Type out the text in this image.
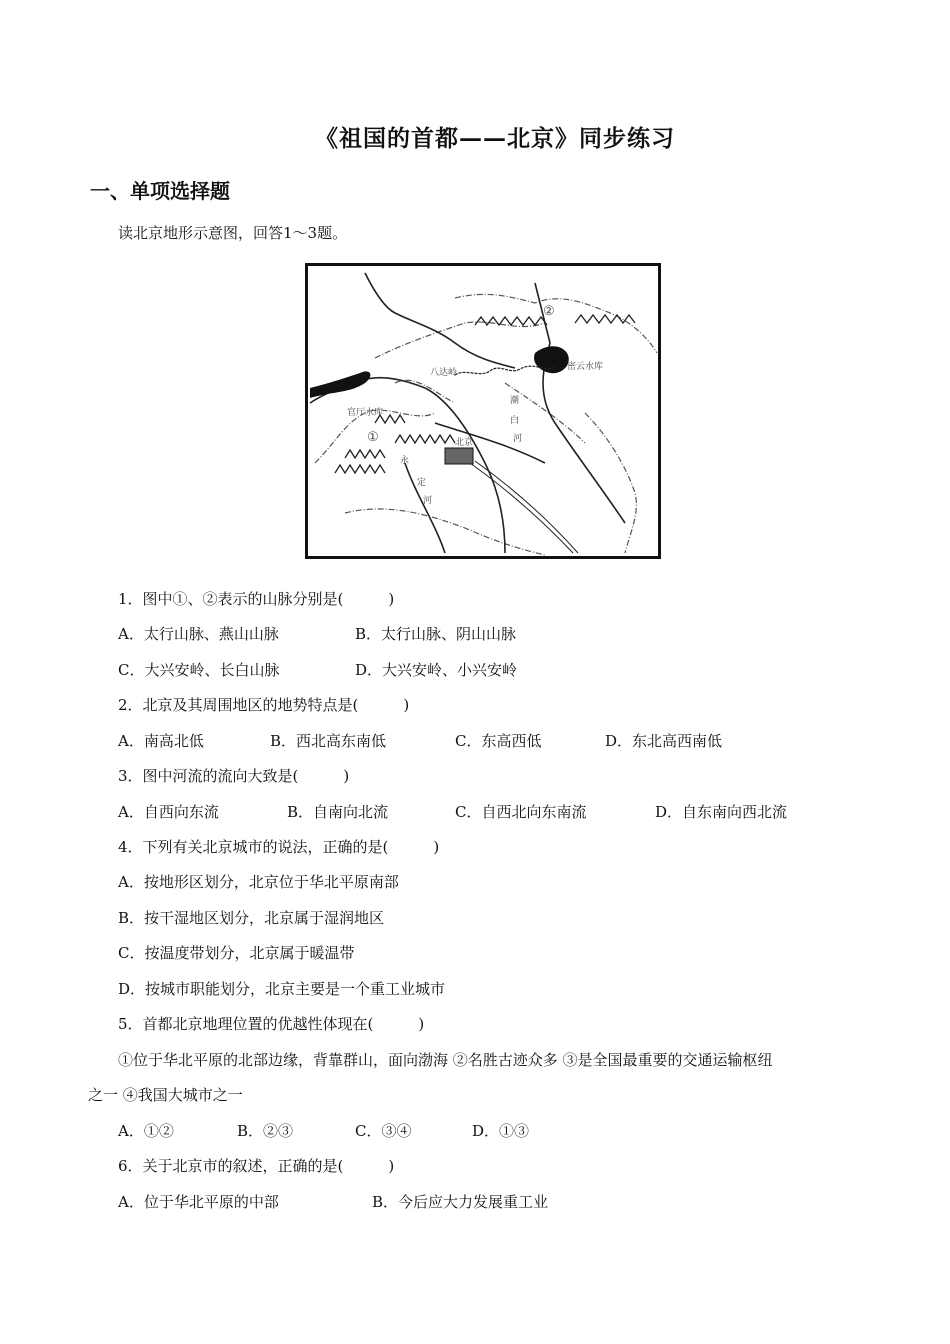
《祖国的首都——北京》同步练习
一、单项选择题
读北京地形示意图，回答1～3题。
八达岭
官厅水库
密云水库
北京
①
②
潮
白
河
永
定
河
1．图中①、②表示的山脉分别是(　　　)
A．太行山脉、燕山山脉	B．太行山脉、阴山山脉
C．大兴安岭、长白山脉	D．大兴安岭、小兴安岭
2．北京及其周围地区的地势特点是(　　　)
A．南高北低	B．西北高东南低	C．东高西低	D．东北高西南低
3．图中河流的流向大致是(　　　)
A．自西向东流	B．自南向北流	C．自西北向东南流	D．自东南向西北流
4．下列有关北京城市的说法，正确的是(　　　)
A．按地形区划分，北京位于华北平原南部
B．按干湿地区划分，北京属于湿润地区
C．按温度带划分，北京属于暖温带
D．按城市职能划分，北京主要是一个重工业城市
5．首都北京地理位置的优越性体现在(　　　)
①位于华北平原的北部边缘，背靠群山，面向渤海 ②名胜古迹众多 ③是全国最重要的交通运输枢纽
之一 ④我国大城市之一
A．①②	B．②③	C．③④	D．①③
6．关于北京市的叙述，正确的是(　　　)
A．位于华北平原的中部	B．今后应大力发展重工业
